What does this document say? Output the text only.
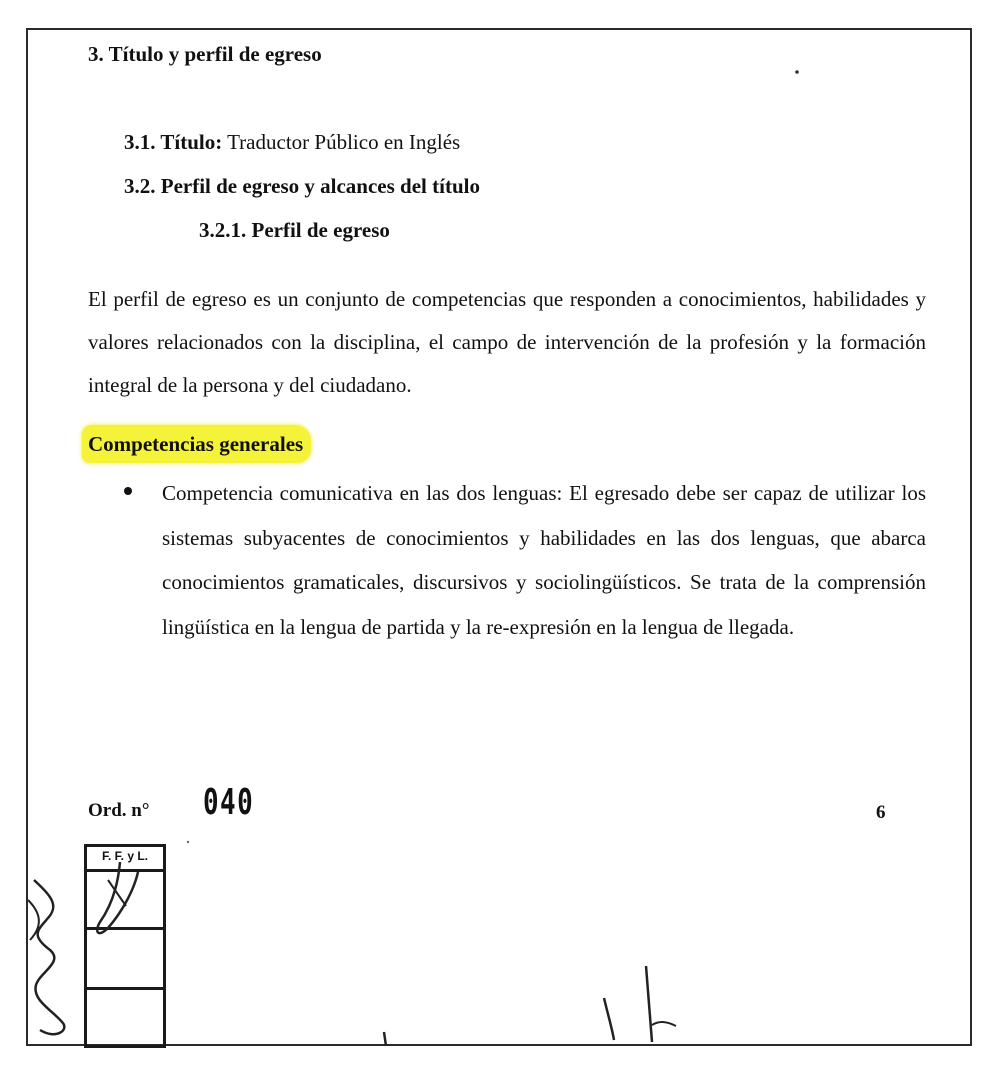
3. Título y perfil de egreso
3.1. Título: Traductor Público en Inglés
3.2. Perfil de egreso y alcances del título
3.2.1. Perfil de egreso
El perfil de egreso es un conjunto de competencias que responden a conocimientos, habilidades y valores relacionados con la disciplina, el campo de intervención de la profesión y la formación integral de la persona y del ciudadano.
Competencias generales
Competencia comunicativa en las dos lenguas: El egresado debe ser capaz de utilizar los sistemas subyacentes de conocimientos y habilidades en las dos lenguas, que abarca conocimientos gramaticales, discursivos y sociolingüísticos. Se trata de la comprensión lingüística en la lengua de partida y la re-expresión en la lengua de llegada.
Ord. n° 040	6
F. F. y L.
